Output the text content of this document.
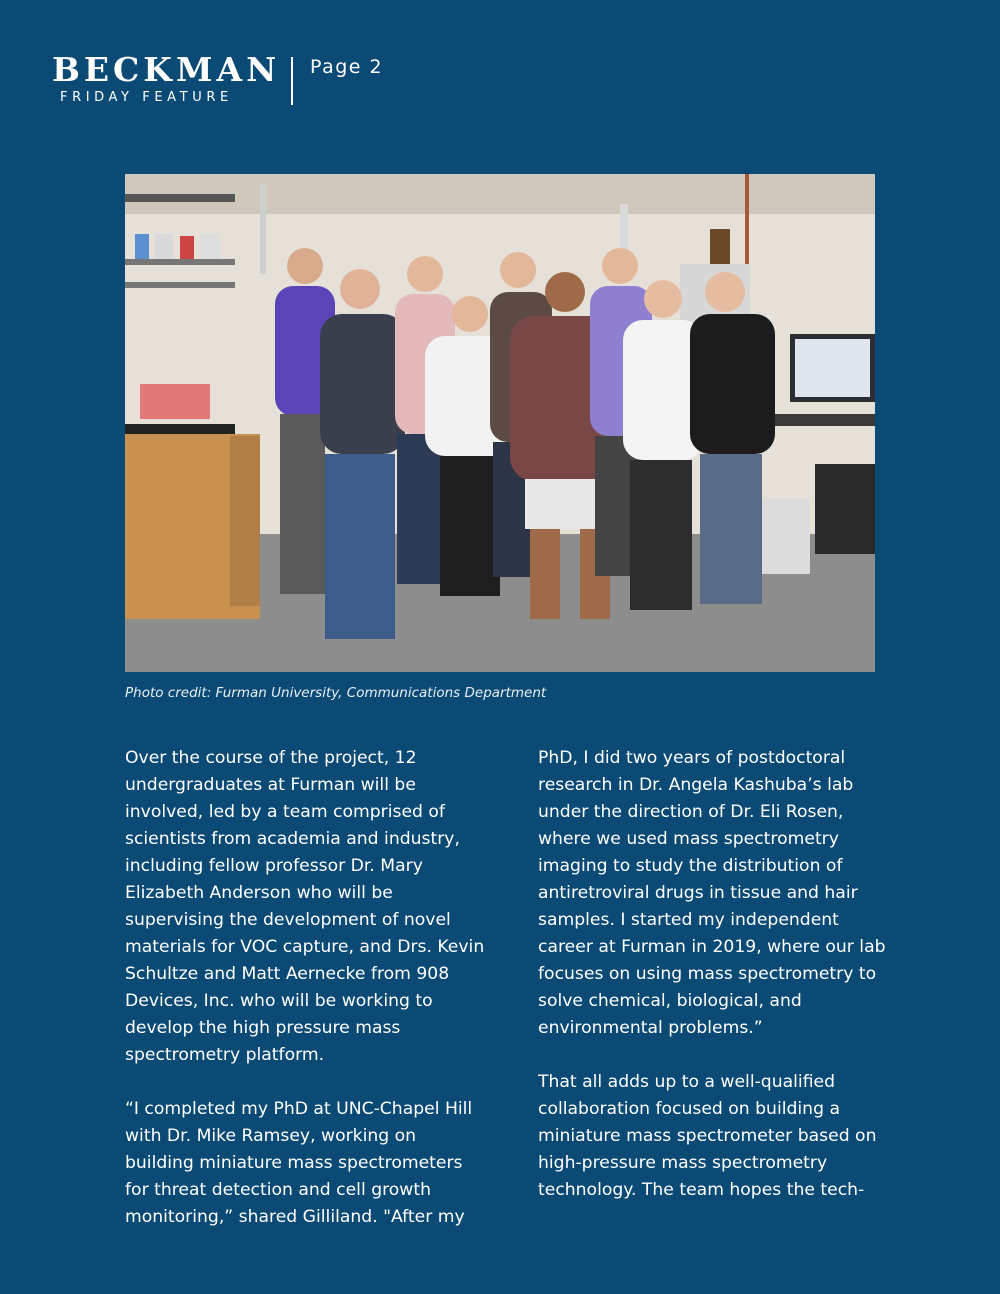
BECKMAN
FRIDAY FEATURE
Page 2
Photo credit: Furman University, Communications Department

Over the course of the project, 12 undergraduates at Furman will be involved, led by a team comprised of scientists from academia and industry, including fellow professor Dr. Mary Elizabeth Anderson who will be supervising the development of novel materials for VOC capture, and Drs. Kevin Schultze and Matt Aernecke from 908 Devices, Inc. who will be working to develop the high pressure mass spectrometry platform.

“I completed my PhD at UNC-Chapel Hill with Dr. Mike Ramsey, working on building miniature mass spectrometers for threat detection and cell growth monitoring,” shared Gilliland. "After my

PhD, I did two years of postdoctoral research in Dr. Angela Kashuba’s lab under the direction of Dr. Eli Rosen, where we used mass spectrometry imaging to study the distribution of antiretroviral drugs in tissue and hair samples. I started my independent career at Furman in 2019, where our lab focuses on using mass spectrometry to solve chemical, biological, and environmental problems.”

That all adds up to a well-qualified collaboration focused on building a miniature mass spectrometer based on high-pressure mass spectrometry technology. The team hopes the tech-
